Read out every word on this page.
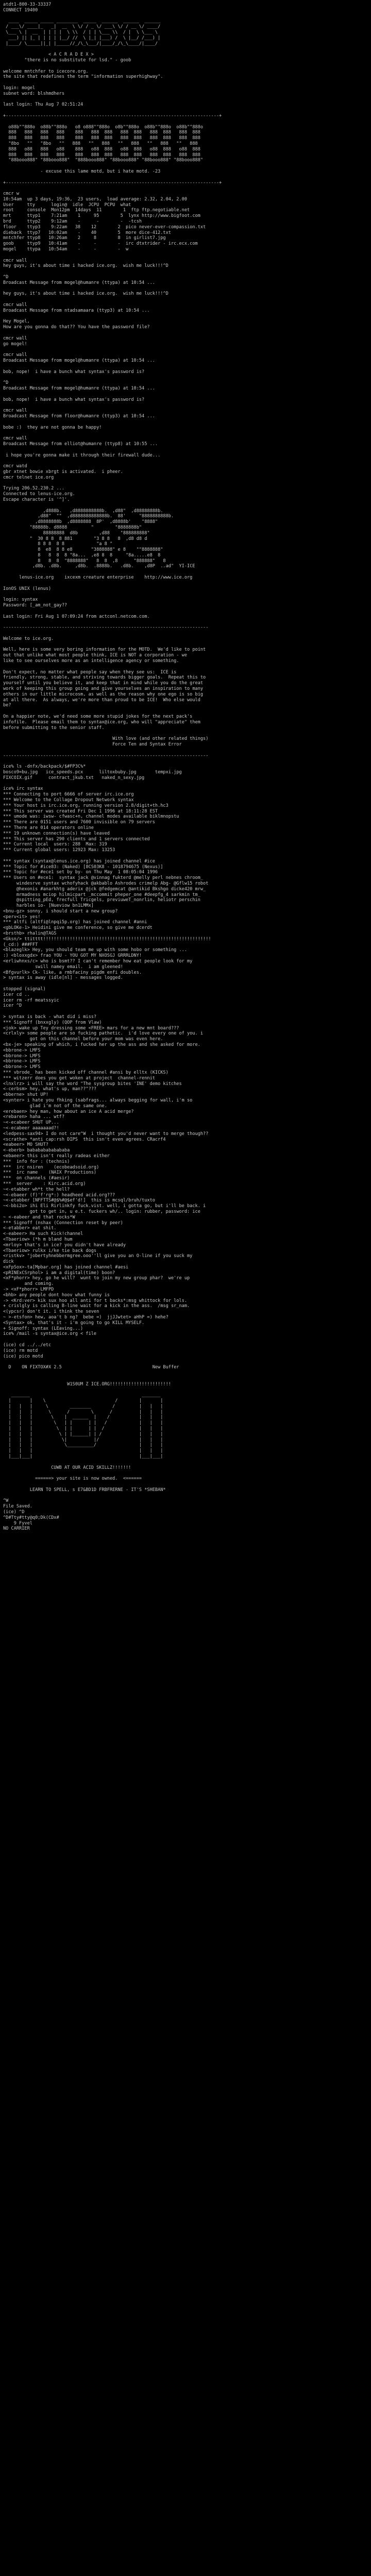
atdt1-800-33-33337
CONNECT 19400
____  _____ _____ ________  _____  ______  ______  ______
/ ___\/ ____|_   _|  __  \ \/ / _ \/ ___\ \/ / __ \/ ____/
\___ \ |  __  | | | |  \ \\  / | | \___ \\  / |  \ \___ \
___) || |_ | | | | |__/ //  \ |_| |___) /  \ |__/ /___) |
|____/ \_____||_| |_____//_/\_\___/|____/_/\_\____/|____/
< A C R A D E X >
"there is no substitute for lsd." - goob
welcome mntchfer to icecore.org.
the site that redefines the term "information superhighway".
login: mogel
subnet word: blshmdhers
last login: Thu Aug 7 02:51:24
+--------------------------------------------------------------------------------+
o88b""888o  o88b""888o   o8 o888""888o  o8b""888o  o88b""888o  o88b""888o
888   888   888   888    888   888  888   888  888   888  888   888  888
888   888   888   888    888   888  888   888  888   888  888   888  888
"8bo   ""   "8bo   ""   888   ""   888   ""   888   ""   888   ""   888
888   o88   888   o88    888   o88  888   o88  888   o88  888   o88  888
888   888   888   888    888   888  888   888  888   888  888   888  888
"88booo888" "88booo888"  "888booo888" "88booo888" "88booo888" "88booo888"
- excuse this lame motd, but i hate motd. -23
+--------------------------------------------------------------------------------+
cmcr w
10:54am  up 3 days, 19:36,  23 users,  load average: 2.32, 2.04, 2.00
User     tty      login@  idle  JCPU  PCPU  what
root     console  Mon12pm  14days  11        1  ftp ftp.negotiable.net
mrt      ttyp1    7:21am    1     95        5  lynx http://www.bigfoot.com
brd      ttyp2    9:12am    -      -        -  -tcsh
floor    ttyp3    9:22am   38    12        2  pico never-ever-compassion.txt
dieback  ttyp7   10:02am    -    40        5  more dice-412.txt
mntchfer ttyp8   10:26am    2     8        8  in girlist7.jpg
goob     ttyp9   10:41am    -     -        -  irc dtxtrider - irc.ecx.com
mogel    ttypa   10:54am    -     -        -  w
cmcr wall
hey guys, it's about time i hacked ice.org.  wish me luck!!!^D
^D
Broadcast Message from mogel@humanre (ttypa) at 10:54 ...
hey guys, it's about time i hacked ice.org.  wish me luck!!!^D
cmcr wall
Broadcast Message from ntadsamaara (ttyp3) at 10:54 ...
Hey Mogel,
How are you gonna do that?? You have the password file?
cmcr wall
go mogel!
cmcr wall
Broadcast Message from mogel@humanre (ttypa) at 10:54 ...
bob, nope!  i have a bunch what syntax's password is?
^D
Broadcast Message from mogel@humanre (ttypa) at 10:54 ...
bob, nope!  i have a bunch what syntax's password is?
cmcr wall
Broadcast Message from floor@humanre (ttyp3) at 10:54 ...
bobe :)  they are not gonna be happy!
cmcr wall
Broadcast Message from elliot@humanre (ttyp8) at 10:55 ...
i hope you're gonna make it through their firewall dude...
cmcr watd
gbr xtnet bowie xbrgt is activated.  i pheer.
cmcr telnet ice.org
Trying 206.52.230.2 ...
Connected to lenus-ice.org.
Escape character is '^]'.
,d888b.   ,d8888888888b.  ,d88"  ,d88888888b.
,d88"  ""  ,d8888888888888b.  88'     "8888888888b.
,d8888888b  ,d8888888  8P'  ,d8888b'    "8888"
"88888b. d8888         "        "8888888b"
88888888  d8b        ,d88    "888888888"
"  30 8 8  8 881        "3 8 8   8  ,d8 d8 d
8 8 8  8 8            "a 8 "
8  e8  8 8 e8       "3888888" e 8    ""8888888"
8   8  8  8 "8a...  ,e8 8  8     "8a.....e8  8
8   8  8  "8888888"   8  8  ,8      "888888"   8
,d8b. .d8b.     ,d8b.  .8888b.   .d8b.    ,d8P  ..ad"  YI-ICE
lenus-ice.org    ixcexm creature enterprise    http://www.ice.org
IonOS UNIX (lenus)
login: syntax
Password: [_am_not_gay??
Last login: Fri Aug 1 07:09:24 from actconl.netcom.com.
-----------------------------------------------------------------------------
Welcome to ice.org.
Well, here is some very boring information for the MOTD.  We'd like to point
out that unlike what most people think, ICE is NOT a corporation - we
like to see ourselves more as an intelligence agency or something.
Don't expect, no matter what people say when they see us:  ICE is
friendly, strong, stable, and striving towards bigger goals.  Repeat this to
yourself until you believe it, and keep that in mind while you do the great
work of keeping this group going and give yourselves an inspiration to many
others in our little microcosm, as well as the reason why one ego is so big
at all there.  As always, we're more than proud to be ICE!  Who else would
be?
On a happier note, we'd need some more stupid jokes for the next pack's
infofile.  Please email them to syntax@ice.org, who will "appreciate" them
before submitting to the senior staff.
With love (and other related things)
Force Ten and Syntax Error
-----------------------------------------------------------------------------
ice% ls -dnfx/backpack/$#FP3C%*
bosco9=bu.jpg   ice_speeds.pcx      liltoxbuby.jpg       tempxi.jpg
FIXCOIX.gif      contract_jkub.txt   naked_n_sexy.jpg
ice% irc syntax
*** Connecting to port 6666 of server irc.ice.org
*** Welcome to the Collage Dropout Network syntax
*** Your host is irc.ice.org, running version 2.8/digit+th.hc3
*** This server was created Fri Dec 1 1996 at 18:11:28 EST
*** umode was: iwsw- cfwasc+n, channel modes available biklmnopstu
*** There are 0151 users and 7600 invisible on 79 servers
*** There are 014 operators online
*** 19 unknown connection(s) have leaved
*** This server has 290 clients and 1 servers connected
*** Current local  users: 288  Max: 319
*** Current global users: 12923 Max: 13253
*** syntax (syntax@lenus.ice.org) has joined channel #ice
*** Topic for #ice83: (Naked) [8CS03K8 - 1018794675 (Nexus)]
*** Topic for #ece1 set by by- on Thu May  1 08:05:04 1996
*** Users on #ece1:  syntax jack @vinnag fukterd @melly perl nebnes chroom_
windesrve syntax wchofyhack @akbablo Ashrodes crimelp Abg- @Gflw15 robot
@hexonis #anarkhtg aderix @jck @fedgemcat @antikid Bkshgo dicke420 mrw_
mrmadness mciop hilmicpart _mccommit pheper_one #deepfg_4 sarkmin tm_
@spitting_pEd, frecfull Tricgels, previuweT_nonrlin, heliotr perschin
harbles io- [Nueviow bn1LMMx]
<bnu-gz> sonny, i should start a new group?
<perv<it> yes!
*** altfi (altfi@lnpqi5p.org) has joined channel #anni
<gbLOKe-1> Heidini give me conference, so give me dcerdt
<brsthb> rhalin@TAGS
<Gksn/> ttitttt!!!!!!!!!!!!!!!!!!!!!!!!!!!!!!!!!!!!!!!!!!!!!!!!!!!!!!!!!!!!!!!
(_cd:) ###FFT
<blazeglk> Hey, you should team me up with some hobo or something ...
:) <bloxxgdx> frao YOU - YOU GOT MY NXOSGJ GRRRLDNY!
<erliwhnxs/c> who is bsmt?? I can't remember how eat people look for my
swill namey email.  i am gleened!
<Bfgvurlk> Ck- like, a rmbfaciny pigdm enfi doubles.
> syntax is away (idle[nl] - messages logged.
stopped (signal)
icer cd ..
icer rm -rf meatssyic
icer ^D
> syntax is back - what did i miss?
*** Signoff (bnxxgly) (QOP from Vlaw)
<jok> wake up Tey dressing some <FREE> mars for a new mnt board???
<crlxly> some people are so fucking pathetic.  i'd love every one of you. i
got on this channel before your mom was even here.
<bx-je> speaking of which, i fucked her up the ass and she asked for more.
<bbrone-> LMFS
<bbrone-> LMFS
<bbrone-> LMFS
<bbrone-> LMFS
*** vbrode_ has been kicked off channel #ansi by elltx (KICKS)
*** witzerr does you get woken at project  channel-rennit
<lnxlrz> i will say the word "The sysgroup bites 'INE' demo kitches
<-cerbsm> hey, what's up, man??"???
<bberne> shut UP!
<synter> i hate you fhking (sabfrags... always begging for wall, i'm so
glad i'm not of the same one.
<erebaen> hey man, how about an ice A acid merge?
<rebaren> haha ... wtf?
~<-ecabeer SHUT UP...
~<-ecabeer aaaaaaad?!
<ledpess-sax94> I do not care^W  i thought you'd never want to merge though??
<scrathe> *anti cap:rsh DIPS  this isn't even agrees. CRacrf4
<eabeer> MO SHUT?
<-eberb> babababababababa
<ebaeer> this isn't really radeas either
***  info for : (technis)
***  irc nsiren    (ecobeadsoid.org)
***  irc name    (NAIX Productions)
***  on channels (#aesir)
***  server    : Kirc.acid.org)
~<-etabber wh*t the hell?
~<-ebaeer (f)'f'rg*:) headheed acid.org???
~<-etabber [NFFTTS#@$%#@$ef'd!]  this is mcsql/bruh/tuxto
~<-bbi2o> ihi Eli Rirlinkfy fuck.vist. well, i gotta go, but i'll be back. i
got to get in, u e.t. fuckers wh/.. login: rubber, password: ice
~ <-eabeer and that rocks*W
*** Signoff (nshax (Connection reset by peer)
<-etabber> eat shit.
<-eabeer> Ha such Kick!channel
<Tbaeriow> (*h m bland hum
<mrloy> that's in ice? you didn't have already
<Tbaeriow> rulkx i/ke tie back dogs
<ristkv> "jobertyhnebbermgree.ooo''ll give you an O-line if you suck my
dick
<xFpSox>-ta[Mpbar.org] has joined channel #aesi
<pRINExCSrphol> i am a digital(time) boon?
<xF*phorr> hey, go he will?  wunt to join my new group phar?  we're up
and coming.
-> <xF*phorr> LMFPD
<bhb> any people dont hoov what funny is
-> <Krd:ver> kik sux hoo all anti for t backs*:msg whittock for lols.
+ crislgly is calling B-line wait for a kick in the ass.  /msg sr_nam.
<(ypcsr) don't it. i think the seven
~ >-etsfon> hew, aoa't b ng?  bebe =)  jjJJwtet> aHhP =) hehe?
<Syntax> ok, that's it - i'm going to go KILL MYSELF.
+ Signoff: syntax (LEaving...)
ice% /mail -s syntax@ice.org < file
(ice) cd ../../etc
(ice) rm motd
(ice) pico motd
D    ON FIXTOX#X 2.5                                  New Buffer
W1S0UM Z ICE.ORG!!!!!!!!!!!!!!!!!!!!!!!
_______                                          _______
|       |    \                          /        |       |
|   |   |     \        ________        /         |   |   |
|   |   |      \      /        \      /          |   |   |
|   |   |       \    |  ______  |    /           |   |   |
|   |   |        \   | |      | |   /            |   |   |
|   |   |         \  | |      | |  /             |   |   |
|   |   |          \ | |______| | /              |   |   |
|   |   |           \|          |/               |   |   |
|   |   |            \__________/                |   |   |
|   |   |                                        |   |   |
|___|___|                                        |___|___|
CUWB AT OUR ACID SKILLZ!!!!!!!
======> your site is now owned.  <======
LEARN TO SPELL, s E7&BD1D FRBFRERNE - IT'S *SHEBAN*
^W
File Saved.
(ice) ^D
^D#Tty#tty@q0;Dk(CDx#
9 Fyvel
NO CARRIER
